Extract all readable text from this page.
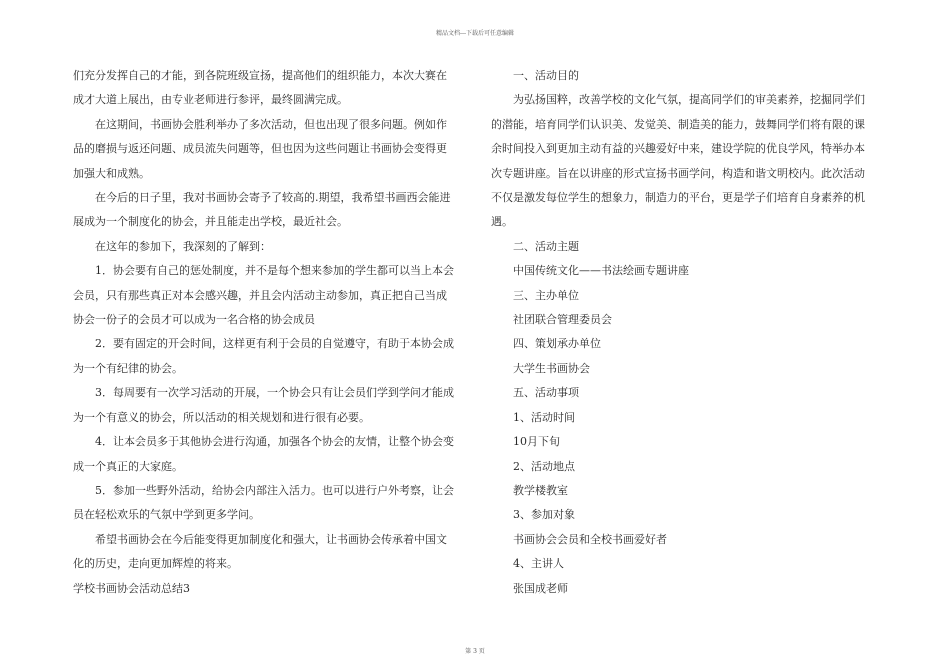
精品文档---下载后可任意编辑

们充分发挥自己的才能，到各院班级宣扬，提高他们的组织能力，本次大赛在成才大道上展出，由专业老师进行参评，最终圆满完成。

在这期间，书画协会胜利举办了多次活动，但也出现了很多问题。例如作品的磨损与返还问题、成员流失问题等，但也因为这些问题让书画协会变得更加强大和成熟。

在今后的日子里，我对书画协会寄予了较高的.期望，我希望书画西会能进展成为一个制度化的协会，并且能走出学校，最近社会。

在这年的参加下，我深刻的了解到：

1．协会要有自己的惩处制度，并不是每个想来参加的学生都可以当上本会会员，只有那些真正对本会感兴趣，并且会内活动主动参加，真正把自己当成协会一份子的会员才可以成为一名合格的协会成员

2．要有固定的开会时间，这样更有利于会员的自觉遵守，有助于本协会成为一个有纪律的协会。

3．每周要有一次学习活动的开展，一个协会只有让会员们学到学问才能成为一个有意义的协会，所以活动的相关规划和进行很有必要。

4．让本会员多于其他协会进行沟通，加强各个协会的友情，让整个协会变成一个真正的大家庭。

5．参加一些野外活动，给协会内部注入活力。也可以进行户外考察，让会员在轻松欢乐的气氛中学到更多学问。

希望书画协会在今后能变得更加制度化和强大，让书画协会传承着中国文化的历史，走向更加辉煌的将来。

学校书画协会活动总结3

一、活动目的

为弘扬国粹，改善学校的文化气氛，提高同学们的审美素养，挖掘同学们的潜能，培育同学们认识美、发觉美、制造美的能力，鼓舞同学们将有限的课余时间投入到更加主动有益的兴趣爱好中来，建设学院的优良学风，特举办本次专题讲座。旨在以讲座的形式宣扬书画学问，构造和谐文明校内。此次活动不仅是激发每位学生的想象力，制造力的平台，更是学子们培育自身素养的机遇。

二、活动主题

中国传统文化——书法绘画专题讲座

三、主办单位

社团联合管理委员会

四、策划承办单位

大学生书画协会

五、活动事项

1、活动时间

10月下旬

2、活动地点

教学楼教室

3、参加对象

书画协会会员和全校书画爱好者

4、主讲人

张国成老师

第 3 页
